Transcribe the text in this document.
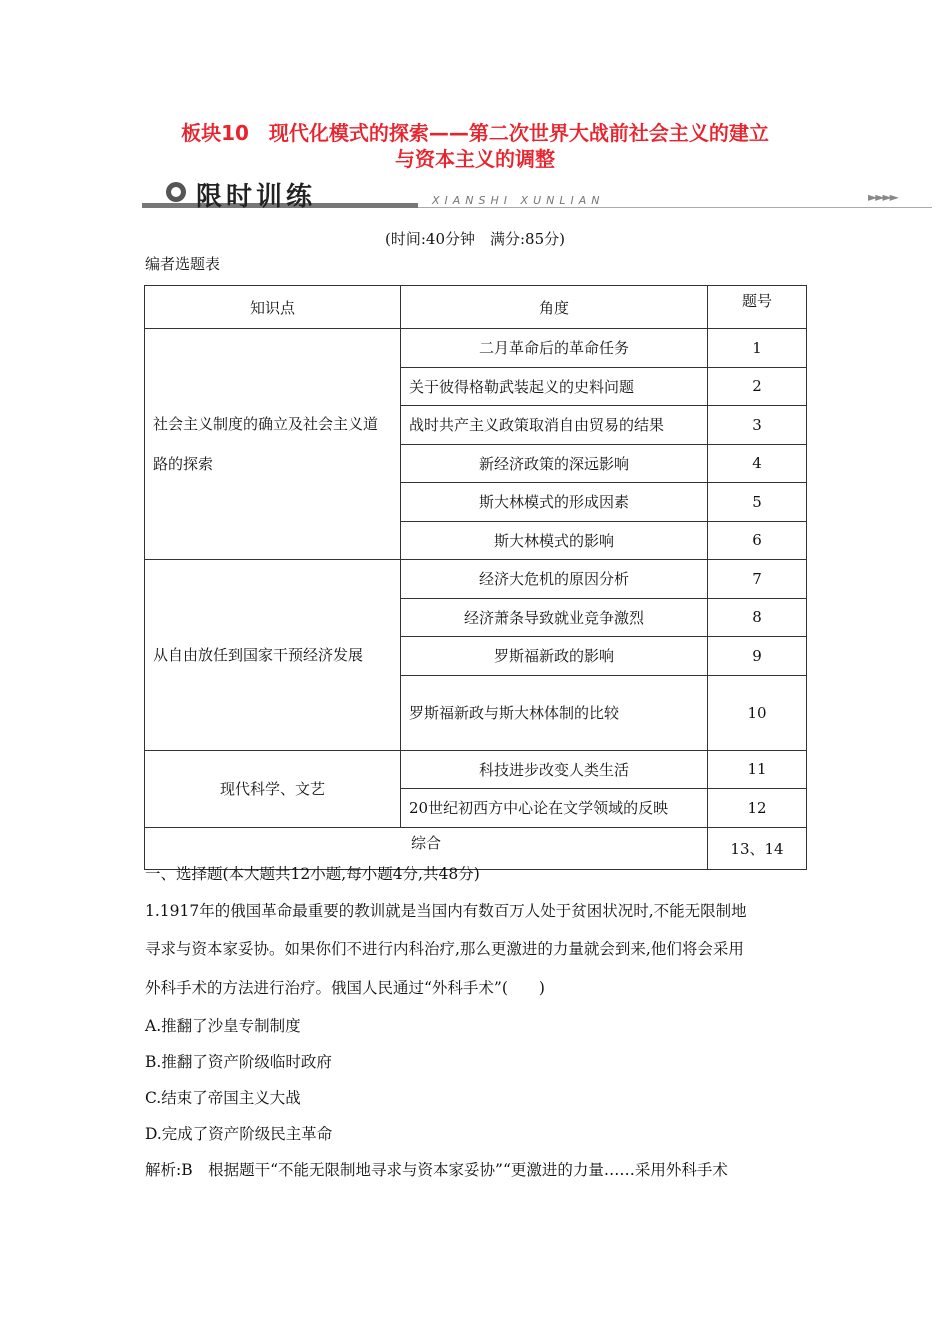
板块10　现代化模式的探索——第二次世界大战前社会主义的建立
与资本主义的调整
限时训练	XIANSHI XUNLIAN	►►►►
(时间:40分钟　满分:85分)
编者选题表
知识点	角度	题号
社会主义制度的确立及社会主义道路的探索	二月革命后的革命任务	1
	关于彼得格勒武装起义的史料问题	2
	战时共产主义政策取消自由贸易的结果	3
	新经济政策的深远影响	4
	斯大林模式的形成因素	5
	斯大林模式的影响	6
从自由放任到国家干预经济发展	经济大危机的原因分析	7
	经济萧条导致就业竞争激烈	8
	罗斯福新政的影响	9

	罗斯福新政与斯大林体制的比较	10
现代科学、文艺	科技进步改变人类生活	11
	20世纪初西方中心论在文学领域的反映	12
综合		13、14
一、选择题(本大题共12小题,每小题4分,共48分)
1.1917年的俄国革命最重要的教训就是当国内有数百万人处于贫困状况时,不能无限制地
寻求与资本家妥协。如果你们不进行内科治疗,那么更激进的力量就会到来,他们将会采用
外科手术的方法进行治疗。俄国人民通过“外科手术”(　　)
A.推翻了沙皇专制制度
B.推翻了资产阶级临时政府
C.结束了帝国主义大战
D.完成了资产阶级民主革命
解析:B　根据题干“不能无限制地寻求与资本家妥协”“更激进的力量……采用外科手术
